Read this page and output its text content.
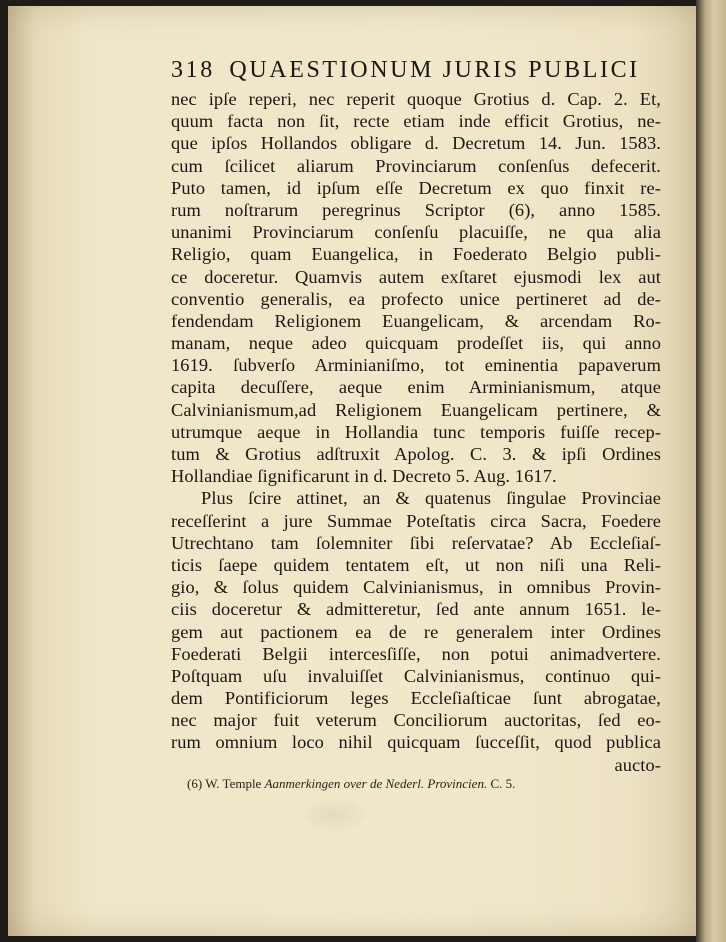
318 QUAESTIONUM JURIS PUBLICI
nec ipſe reperi, nec reperit quoque Grotius d. Cap. 2. Et,
quum facta non ſit, recte etiam inde efficit Grotius, ne-
que ipſos Hollandos obligare d. Decretum 14. Jun. 1583.
cum ſcilicet aliarum Provinciarum conſenſus defecerit.
Puto tamen, id ipſum eſſe Decretum ex quo finxit re-
rum noſtrarum peregrinus Scriptor (6), anno 1585.
unanimi Provinciarum conſenſu placuiſſe, ne qua alia
Religio, quam Euangelica, in Foederato Belgio publi-
ce doceretur. Quamvis autem exſtaret ejusmodi lex aut
conventio generalis, ea profecto unice pertineret ad de-
fendendam Religionem Euangelicam, & arcendam Ro-
manam, neque adeo quicquam prodeſſet iis, qui anno
1619. ſubverſo Arminianiſmo, tot eminentia papaverum
capita decuſſere, aeque enim Arminianismum, atque
Calvinianismum,ad Religionem Euangelicam pertinere, &
utrumque aeque in Hollandia tunc temporis fuiſſe recep-
tum & Grotius adſtruxit Apolog. C. 3. & ipſi Ordines
Hollandiae ſignificarunt in d. Decreto 5. Aug. 1617.
Plus ſcire attinet, an & quatenus ſingulae Provinciae
receſſerint a jure Summae Poteſtatis circa Sacra, Foedere
Utrechtano tam ſolemniter ſibi reſervatae? Ab Eccleſiaſ-
ticis ſaepe quidem tentatem eſt, ut non niſi una Reli-
gio, & ſolus quidem Calvinianismus, in omnibus Provin-
ciis doceretur & admitteretur, ſed ante annum 1651. le-
gem aut pactionem ea de re generalem inter Ordines
Foederati Belgii intercesſiſſe, non potui animadvertere.
Poſtquam uſu invaluiſſet Calvinianismus, continuo qui-
dem Pontificiorum leges Eccleſiaſticae ſunt abrogatae,
nec major fuit veterum Conciliorum auctoritas, ſed eo-
rum omnium loco nihil quicquam ſucceſſit, quod publica
aucto-
(6) W. Temple Aanmerkingen over de Nederl. Provincien. C. 5.
